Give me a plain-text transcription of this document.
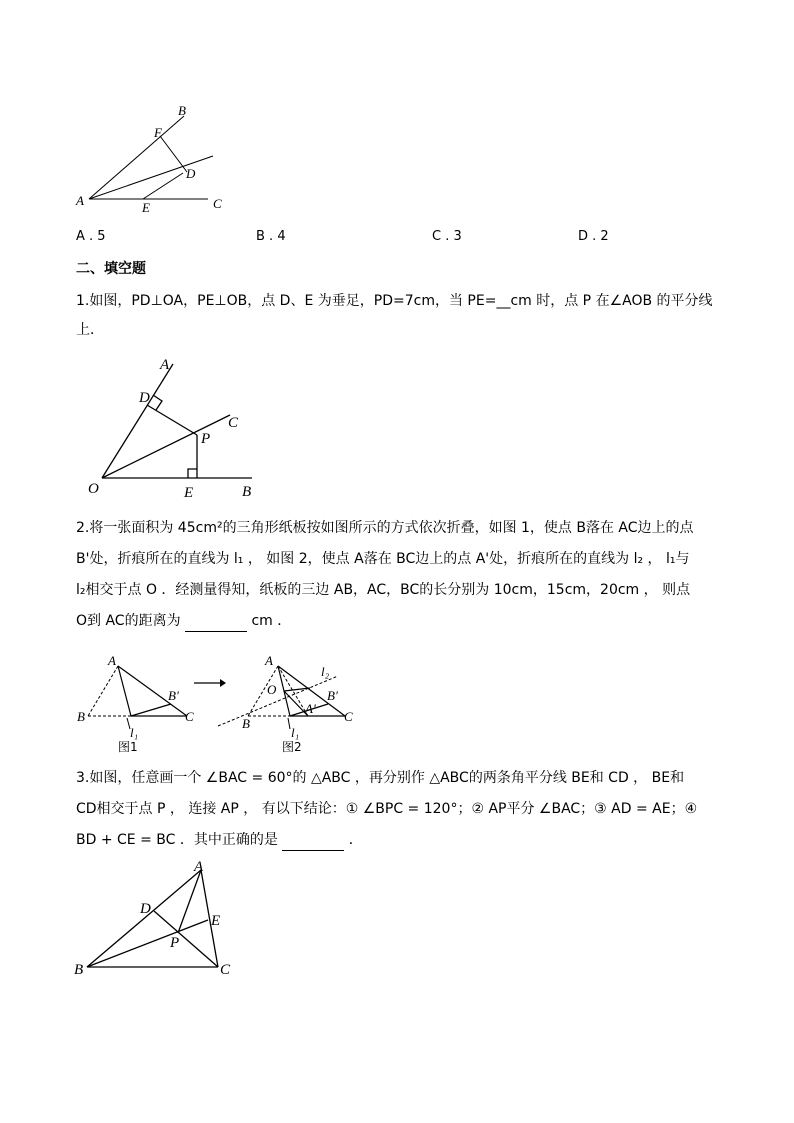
B
F
D
A	E	C
A . 5	B . 4	C . 3	D . 2
二、填空题
1.如图，PD⊥OA，PE⊥OB，点 D、E 为垂足，PD=7cm，当 PE=__cm 时，点 P 在∠AOB 的平分线
上．
A
D
C
P
O	E	B
2.将一张面积为 45cm²的三角形纸板按如图所示的方式依次折叠，如图 1，使点 B落在 AC边上的点
B'处，折痕所在的直线为 l₁ ， 如图 2，使点 A落在 BC边上的点 A'处，折痕所在的直线为 l₂ ， l₁与
l₂相交于点 O ．经测量得知，纸板的三边 AB，AC，BC的长分别为 10cm，15cm，20cm ， 则点
O到 AC的距离为	cm ．
A
B'
B	C
l₁
图1
A
l₂
O	B'
A'
B	C
l₁
图2
3.如图，任意画一个 ∠BAC = 60°的 △ABC ，再分别作 △ABC的两条角平分线 BE和 CD ， BE和
CD相交于点 P ， 连接 AP ， 有以下结论：① ∠BPC = 120°；② AP平分 ∠BAC；③ AD = AE；④
BD + CE = BC ．其中正确的是	．
A
D
E
P
B	C
